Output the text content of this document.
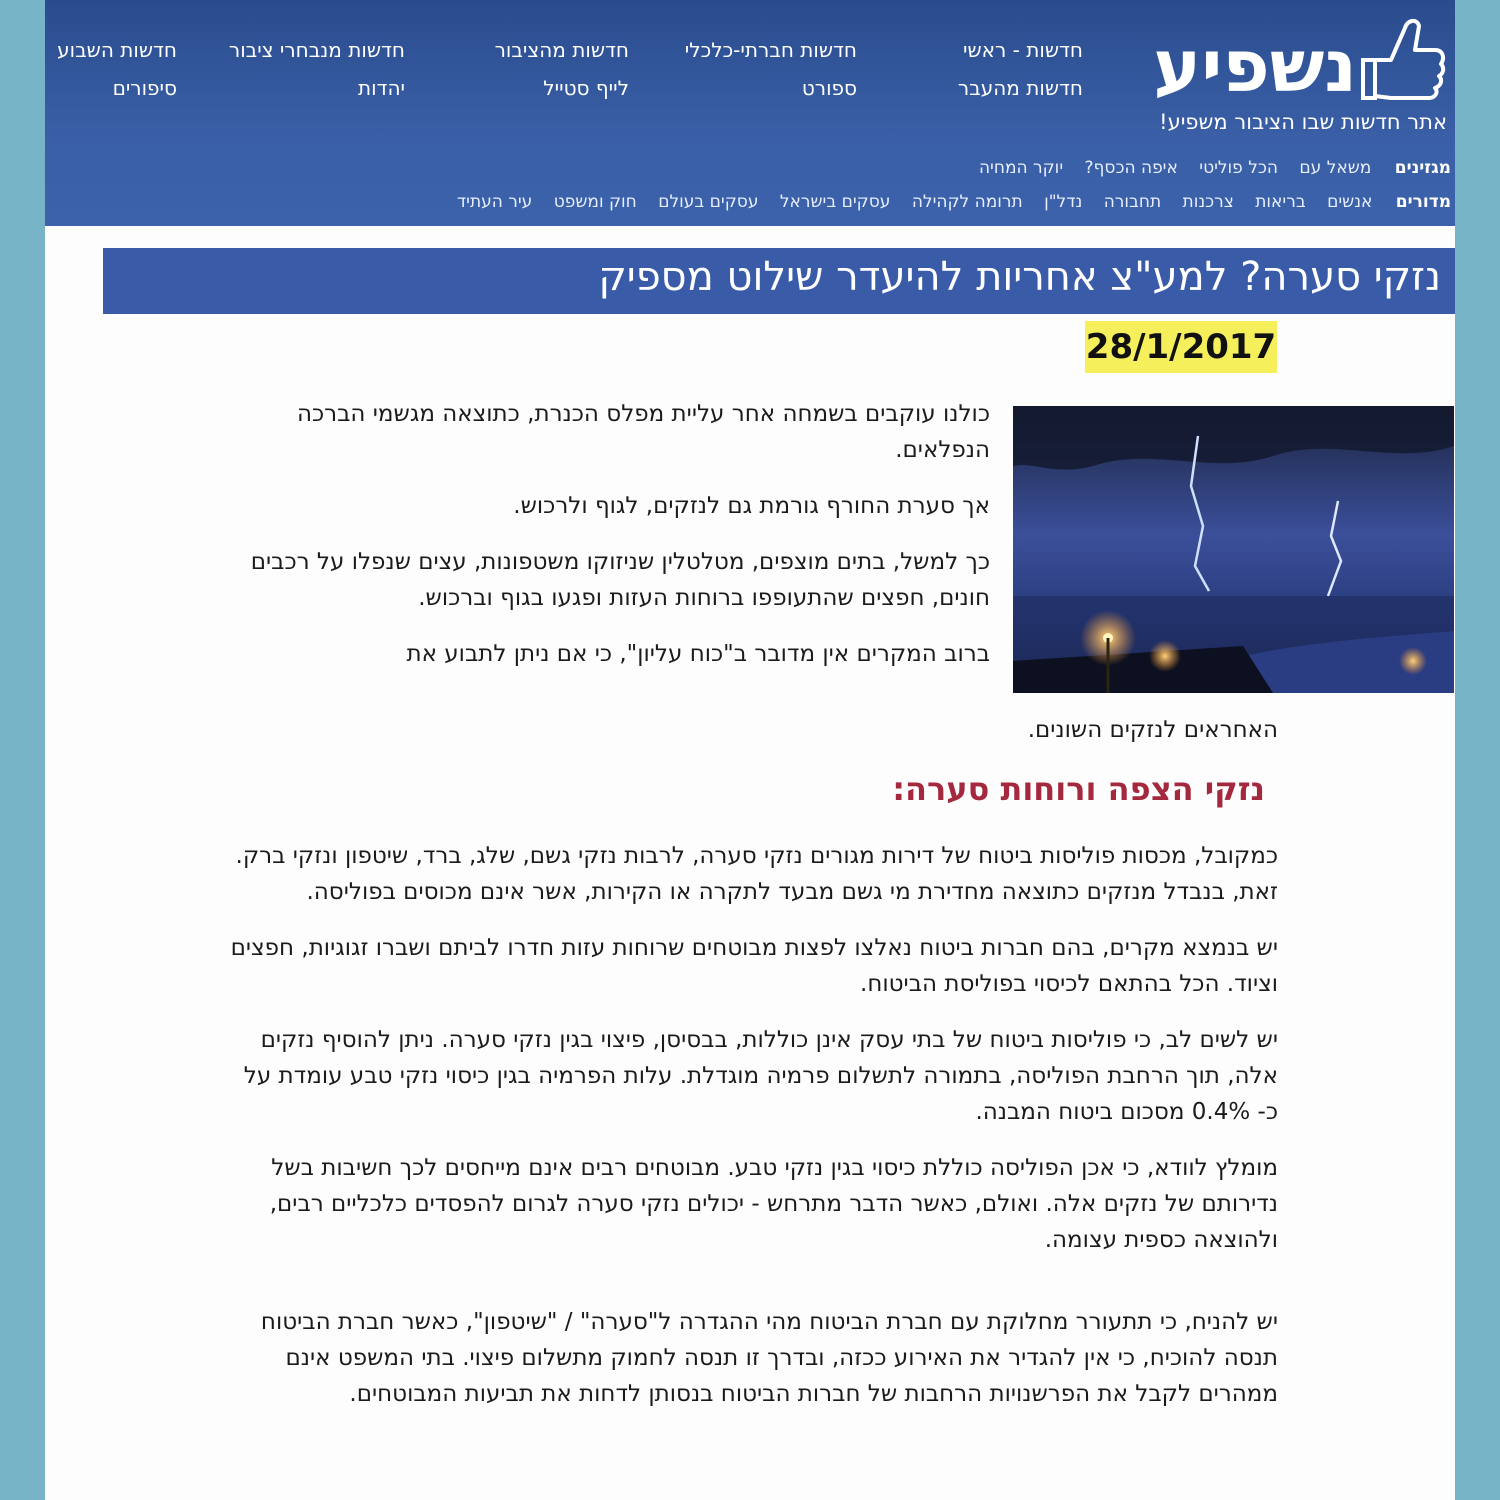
נשפיע
אתר חדשות שבו הציבור משפיע!
חדשות - ראשי
חדשות מהעבר
חדשות חברתי-כלכלי
ספורט
חדשות מהציבור
לייף סטייל
חדשות מנבחרי ציבור
יהדות
חדשות השבוע
סיפורים
מגזינים משאל עם הכל פוליטי איפה הכסף? יוקר המחיה
מדורים אנשים בריאות צרכנות תחבורה נדל"ן תרומה לקהילה עסקים בישראל עסקים בעולם חוק ומשפט עיר העתיד
נזקי סערה? למע"צ אחריות להיעדר שילוט מספיק
28/1/2017

כולנו עוקבים בשמחה אחר עליית מפלס הכנרת, כתוצאה מגשמי הברכה הנפלאים.

אך סערת החורף גורמת גם לנזקים, לגוף ולרכוש.

כך למשל, בתים מוצפים, מטלטלין שניזוקו משטפונות, עצים שנפלו על רכבים חונים, חפצים שהתעופפו ברוחות העזות ופגעו בגוף וברכוש.

ברוב המקרים אין מדובר ב"כוח עליון", כי אם ניתן לתבוע את

האחראים לנזקים השונים.
נזקי הצפה ורוחות סערה:

כמקובל, מכסות פוליסות ביטוח של דירות מגורים נזקי סערה, לרבות נזקי גשם, שלג, ברד, שיטפון ונזקי ברק. זאת, בנבדל מנזקים כתוצאה מחדירת מי גשם מבעד לתקרה או הקירות, אשר אינם מכוסים בפוליסה.

יש בנמצא מקרים, בהם חברות ביטוח נאלצו לפצות מבוטחים שרוחות עזות חדרו לביתם ושברו זגוגיות, חפצים וציוד. הכל בהתאם לכיסוי בפוליסת הביטוח.

יש לשים לב, כי פוליסות ביטוח של בתי עסק אינן כוללות, בבסיסן, פיצוי בגין נזקי סערה. ניתן להוסיף נזקים אלה, תוך הרחבת הפוליסה, בתמורה לתשלום פרמיה מוגדלת. עלות הפרמיה בגין כיסוי נזקי טבע עומדת על כ- 0.4% מסכום ביטוח המבנה.

מומלץ לוודא, כי אכן הפוליסה כוללת כיסוי בגין נזקי טבע. מבוטחים רבים אינם מייחסים לכך חשיבות בשל נדירותם של נזקים אלה. ואולם, כאשר הדבר מתרחש - יכולים נזקי סערה לגרום להפסדים כלכליים רבים, ולהוצאה כספית עצומה.

יש להניח, כי תתעורר מחלוקת עם חברת הביטוח מהי ההגדרה ל"סערה" / "שיטפון", כאשר חברת הביטוח תנסה להוכיח, כי אין להגדיר את האירוע ככזה, ובדרך זו תנסה לחמוק מתשלום פיצוי. בתי המשפט אינם ממהרים לקבל את הפרשנויות הרחבות של חברות הביטוח בנסותן לדחות את תביעות המבוטחים.
